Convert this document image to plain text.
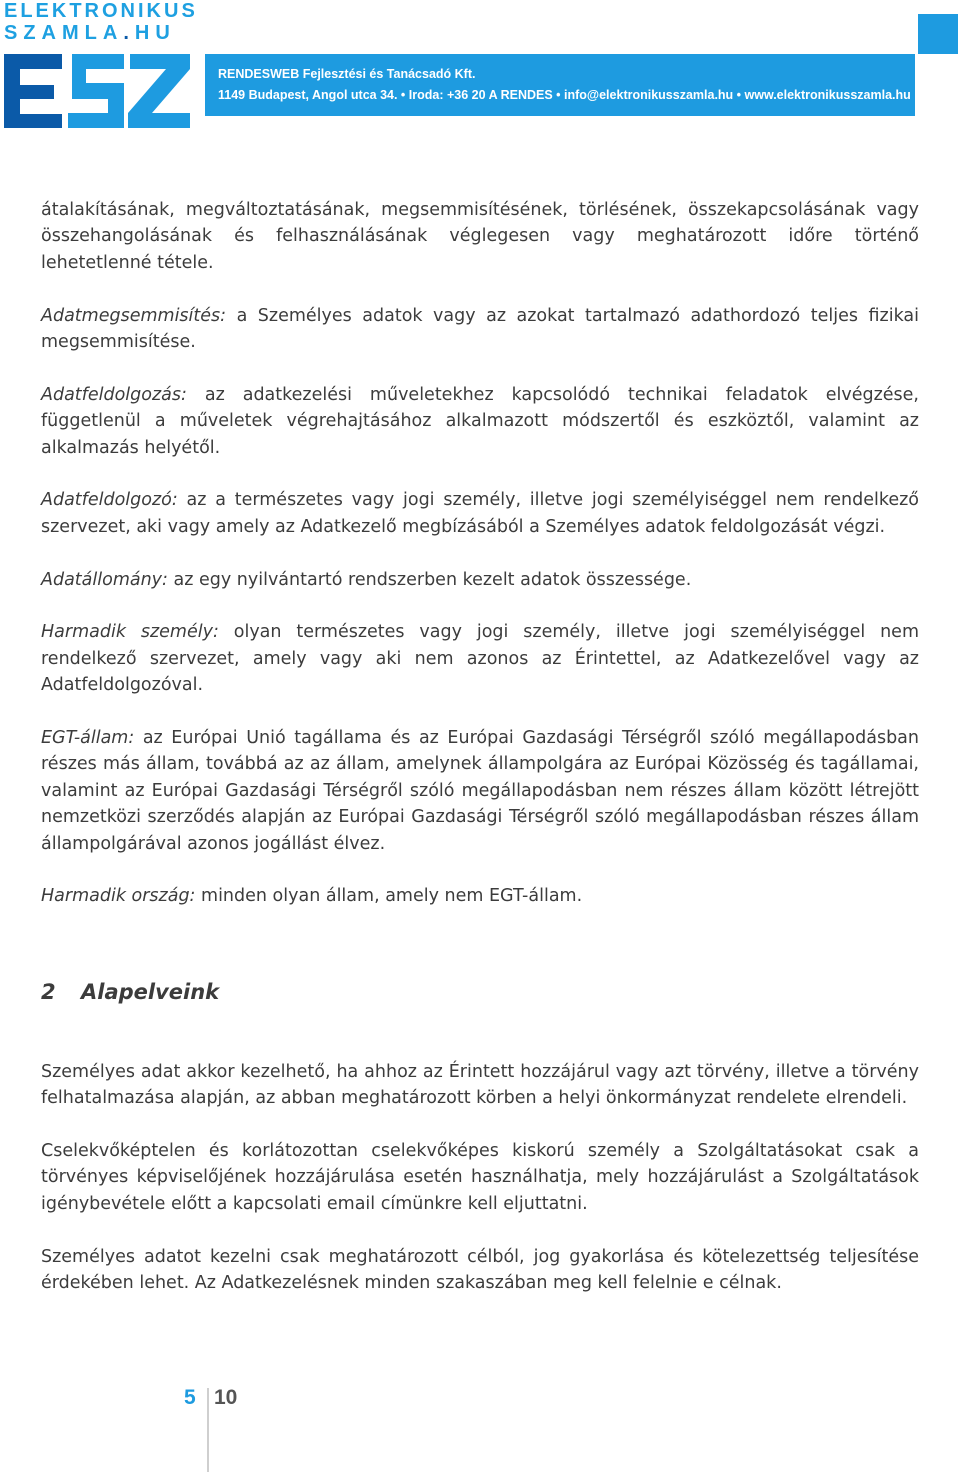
ELEKTRONIKUS
SZAMLA.HU
RENDESWEB Fejlesztési és Tanácsadó Kft.
1149 Budapest, Angol utca 34. • Iroda: +36 20 A RENDES • info@elektronikusszamla.hu • www.elektronikusszamla.hu

átalakításának, megváltoztatásának, megsemmisítésének, törlésének, összekapcsolásának vagy összehangolásának és felhasználásának véglegesen vagy meghatározott időre történő lehetetlenné tétele.

Adatmegsemmisítés: a Személyes adatok vagy az azokat tartalmazó adathordozó teljes fizikai megsemmisítése.

Adatfeldolgozás: az adatkezelési műveletekhez kapcsolódó technikai feladatok elvégzése, függetlenül a műveletek végrehajtásához alkalmazott módszertől és eszköztől, valamint az alkalmazás helyétől.

Adatfeldolgozó: az a természetes vagy jogi személy, illetve jogi személyiséggel nem rendelkező szervezet, aki vagy amely az Adatkezelő megbízásából a Személyes adatok feldolgozását végzi.

Adatállomány: az egy nyilvántartó rendszerben kezelt adatok összessége.

Harmadik személy: olyan természetes vagy jogi személy, illetve jogi személyiséggel nem rendelkező szervezet, amely vagy aki nem azonos az Érintettel, az Adatkezelővel vagy az Adatfeldolgozóval.

EGT-állam: az Európai Unió tagállama és az Európai Gazdasági Térségről szóló megállapodásban részes más állam, továbbá az az állam, amelynek állampolgára az Európai Közösség és tagállamai, valamint az Európai Gazdasági Térségről szóló megállapodásban nem részes állam között létrejött nemzetközi szerződés alapján az Európai Gazdasági Térségről szóló megállapodásban részes állam állampolgárával azonos jogállást élvez.

Harmadik ország: minden olyan állam, amely nem EGT-állam.

2 Alapelveink

Személyes adat akkor kezelhető, ha ahhoz az Érintett hozzájárul vagy azt törvény, illetve a törvény felhatalmazása alapján, az abban meghatározott körben a helyi önkormányzat rendelete elrendeli.

Cselekvőképtelen és korlátozottan cselekvőképes kiskorú személy a Szolgáltatásokat csak a törvényes képviselőjének hozzájárulása esetén használhatja, mely hozzájárulást a Szolgáltatások igénybevétele előtt a kapcsolati email címünkre kell eljuttatni.

Személyes adatot kezelni csak meghatározott célból, jog gyakorlása és kötelezettség teljesítése érdekében lehet. Az Adatkezelésnek minden szakaszában meg kell felelnie e célnak.

5 10
